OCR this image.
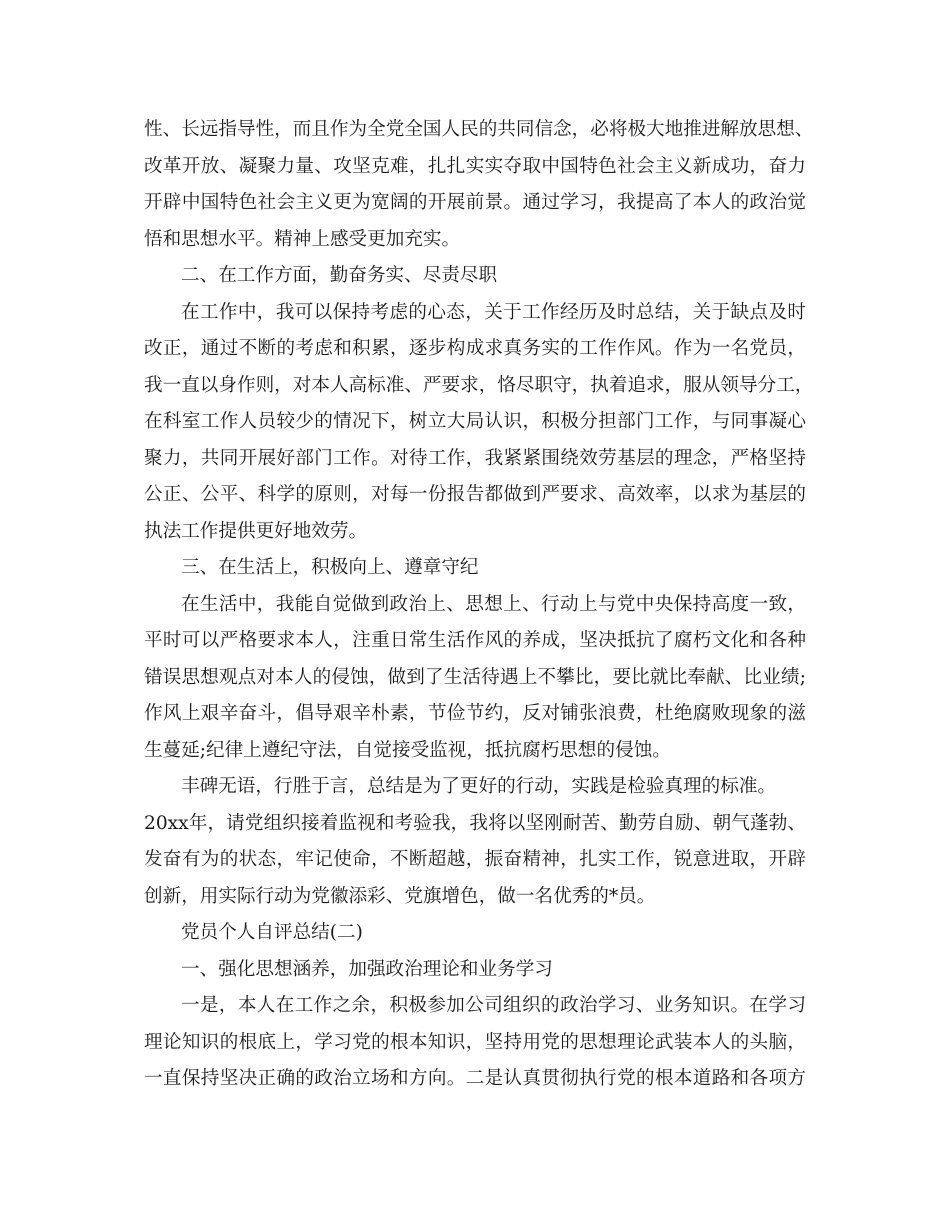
性、长远指导性，而且作为全党全国人民的共同信念，必将极大地推进解放思想、
改革开放、凝聚力量、攻坚克难，扎扎实实夺取中国特色社会主义新成功，奋力
开辟中国特色社会主义更为宽阔的开展前景。通过学习，我提高了本人的政治觉
悟和思想水平。精神上感受更加充实。
二、在工作方面，勤奋务实、尽责尽职
在工作中，我可以保持考虑的心态，关于工作经历及时总结，关于缺点及时
改正，通过不断的考虑和积累，逐步构成求真务实的工作作风。作为一名党员，
我一直以身作则，对本人高标准、严要求，恪尽职守，执着追求，服从领导分工，
在科室工作人员较少的情况下，树立大局认识，积极分担部门工作，与同事凝心
聚力，共同开展好部门工作。对待工作，我紧紧围绕效劳基层的理念，严格坚持
公正、公平、科学的原则，对每一份报告都做到严要求、高效率，以求为基层的
执法工作提供更好地效劳。
三、在生活上，积极向上、遵章守纪
在生活中，我能自觉做到政治上、思想上、行动上与党中央保持高度一致，
平时可以严格要求本人，注重日常生活作风的养成，坚决抵抗了腐朽文化和各种
错误思想观点对本人的侵蚀，做到了生活待遇上不攀比，要比就比奉献、比业绩;
作风上艰辛奋斗，倡导艰辛朴素，节俭节约，反对铺张浪费，杜绝腐败现象的滋
生蔓延;纪律上遵纪守法，自觉接受监视，抵抗腐朽思想的侵蚀。
丰碑无语，行胜于言，总结是为了更好的行动，实践是检验真理的标准。
20xx年，请党组织接着监视和考验我，我将以坚刚耐苦、勤劳自励、朝气蓬勃、
发奋有为的状态，牢记使命，不断超越，振奋精神，扎实工作，锐意进取，开辟
创新，用实际行动为党徽添彩、党旗增色，做一名优秀的*员。
党员个人自评总结(二)
一、强化思想涵养，加强政治理论和业务学习
一是，本人在工作之余，积极参加公司组织的政治学习、业务知识。在学习
理论知识的根底上，学习党的根本知识，坚持用党的思想理论武装本人的头脑，
一直保持坚决正确的政治立场和方向。二是认真贯彻执行党的根本道路和各项方
